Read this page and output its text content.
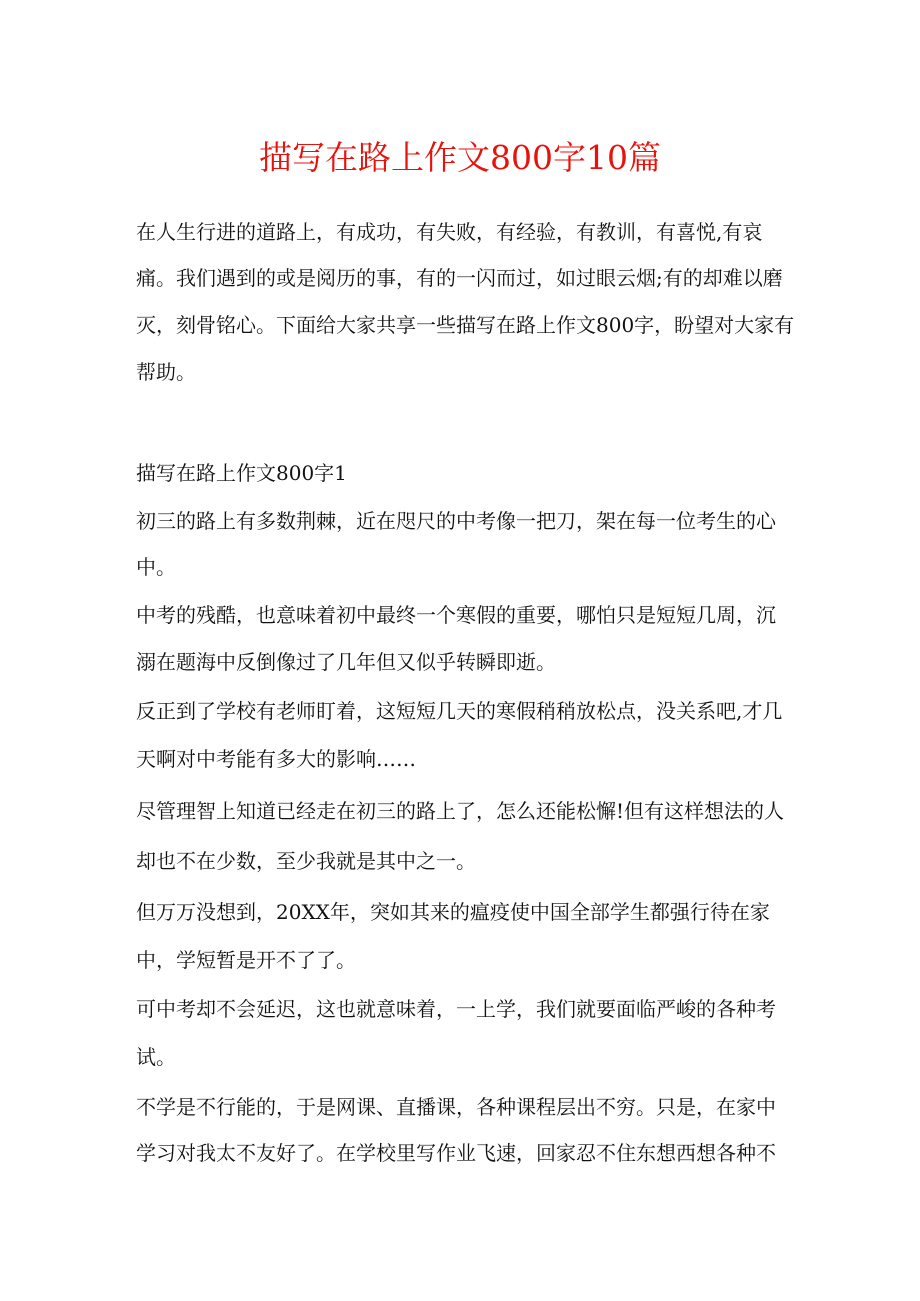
描写在路上作文800字10篇

在人生行进的道路上，有成功，有失败，有经验，有教训，有喜悦,有哀

痛。我们遇到的或是阅历的事，有的一闪而过，如过眼云烟;有的却难以磨

灭，刻骨铭心。下面给大家共享一些描写在路上作文800字，盼望对大家有

帮助。

描写在路上作文800字1

初三的路上有多数荆棘，近在咫尺的中考像一把刀，架在每一位考生的心

中。

中考的残酷，也意味着初中最终一个寒假的重要，哪怕只是短短几周，沉

溺在题海中反倒像过了几年但又似乎转瞬即逝。

反正到了学校有老师盯着，这短短几天的寒假稍稍放松点，没关系吧,才几

天啊对中考能有多大的影响……

尽管理智上知道已经走在初三的路上了，怎么还能松懈!但有这样想法的人

却也不在少数，至少我就是其中之一。

但万万没想到，20XX年，突如其来的瘟疫使中国全部学生都强行待在家

中，学短暂是开不了了。

可中考却不会延迟，这也就意味着，一上学，我们就要面临严峻的各种考

试。

不学是不行能的，于是网课、直播课，各种课程层出不穷。只是，在家中

学习对我太不友好了。在学校里写作业飞速，回家忍不住东想西想各种不
